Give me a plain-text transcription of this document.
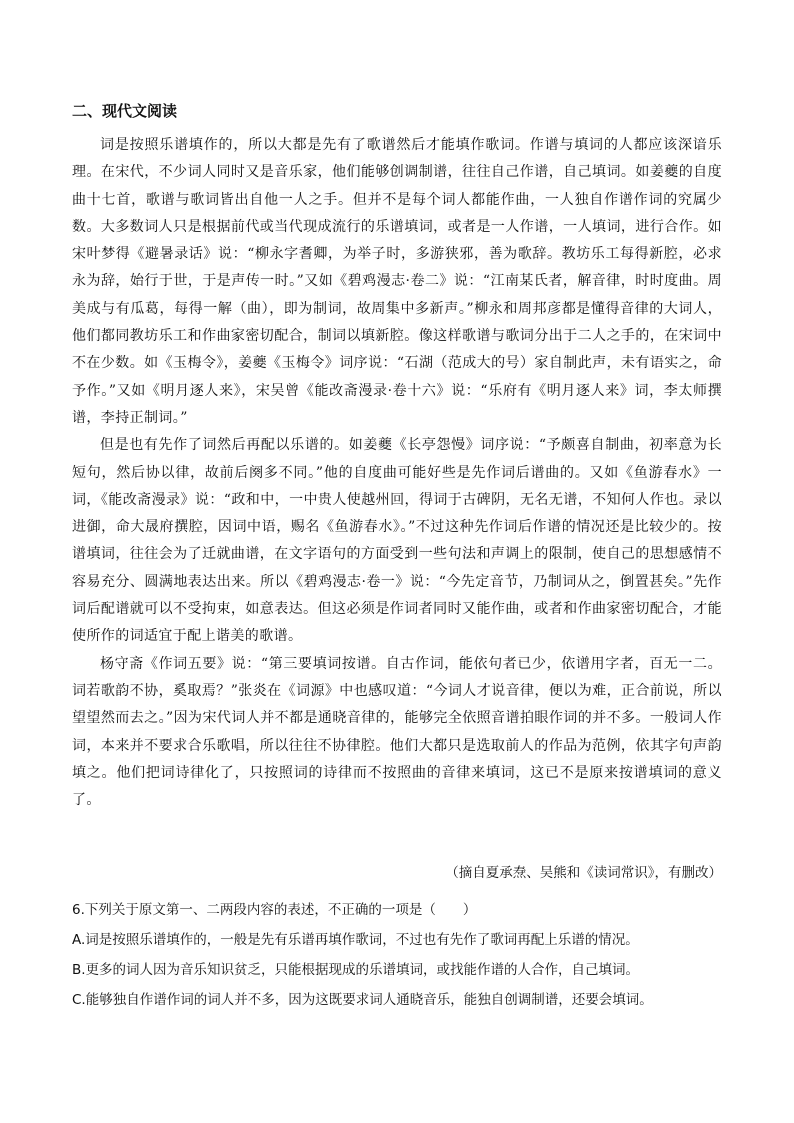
二、现代文阅读

词是按照乐谱填作的，所以大都是先有了歌谱然后才能填作歌词。作谱与填词的人都应该深谙乐理。在宋代，不少词人同时又是音乐家，他们能够创调制谱，往往自己作谱，自己填词。如姜夔的自度曲十七首，歌谱与歌词皆出自他一人之手。但并不是每个词人都能作曲，一人独自作谱作词的究属少数。大多数词人只是根据前代或当代现成流行的乐谱填词，或者是一人作谱，一人填词，进行合作。如宋叶梦得《避暑录话》说：“柳永字耆卿，为举子时，多游狭邪，善为歌辞。教坊乐工每得新腔，必求永为辞，始行于世，于是声传一时。”又如《碧鸡漫志·卷二》说：“江南某氏者，解音律，时时度曲。周美成与有瓜葛，每得一解（曲），即为制词，故周集中多新声。”柳永和周邦彦都是懂得音律的大词人，他们都同教坊乐工和作曲家密切配合，制词以填新腔。像这样歌谱与歌词分出于二人之手的，在宋词中不在少数。如《玉梅令》，姜夔《玉梅令》词序说：“石湖（范成大的号）家自制此声，未有语实之，命予作。”又如《明月逐人来》，宋吴曾《能改斋漫录·卷十六》说：“乐府有《明月逐人来》词，李太师撰谱，李持正制词。”

但是也有先作了词然后再配以乐谱的。如姜夔《长亭怨慢》词序说：“予颇喜自制曲，初率意为长短句，然后协以律，故前后阕多不同。”他的自度曲可能好些是先作词后谱曲的。又如《鱼游春水》一词，《能改斋漫录》说：“政和中，一中贵人使越州回，得词于古碑阴，无名无谱，不知何人作也。录以进御，命大晟府撰腔，因词中语，赐名《鱼游春水》。”不过这种先作词后作谱的情况还是比较少的。按谱填词，往往会为了迁就曲谱，在文字语句的方面受到一些句法和声调上的限制，使自己的思想感情不容易充分、圆满地表达出来。所以《碧鸡漫志·卷一》说：“今先定音节，乃制词从之，倒置甚矣。”先作词后配谱就可以不受拘束，如意表达。但这必须是作词者同时又能作曲，或者和作曲家密切配合，才能使所作的词适宜于配上谐美的歌谱。

杨守斋《作词五要》说：“第三要填词按谱。自古作词，能依句者已少，依谱用字者，百无一二。词若歌韵不协，奚取焉？”张炎在《词源》中也感叹道：“今词人才说音律，便以为难，正合前说，所以望望然而去之。”因为宋代词人并不都是通晓音律的，能够完全依照音谱拍眼作词的并不多。一般词人作词，本来并不要求合乐歌唱，所以往往不协律腔。他们大都只是选取前人的作品为范例，依其字句声韵填之。他们把词诗律化了，只按照词的诗律而不按照曲的音律来填词，这已不是原来按谱填词的意义了。

（摘自夏承焘、吴熊和《读词常识》，有删改）

6.下列关于原文第一、二两段内容的表述，不正确的一项是（　　）

A.词是按照乐谱填作的，一般是先有乐谱再填作歌词，不过也有先作了歌词再配上乐谱的情况。

B.更多的词人因为音乐知识贫乏，只能根据现成的乐谱填词，或找能作谱的人合作，自己填词。

C.能够独自作谱作词的词人并不多，因为这既要求词人通晓音乐，能独自创调制谱，还要会填词。
